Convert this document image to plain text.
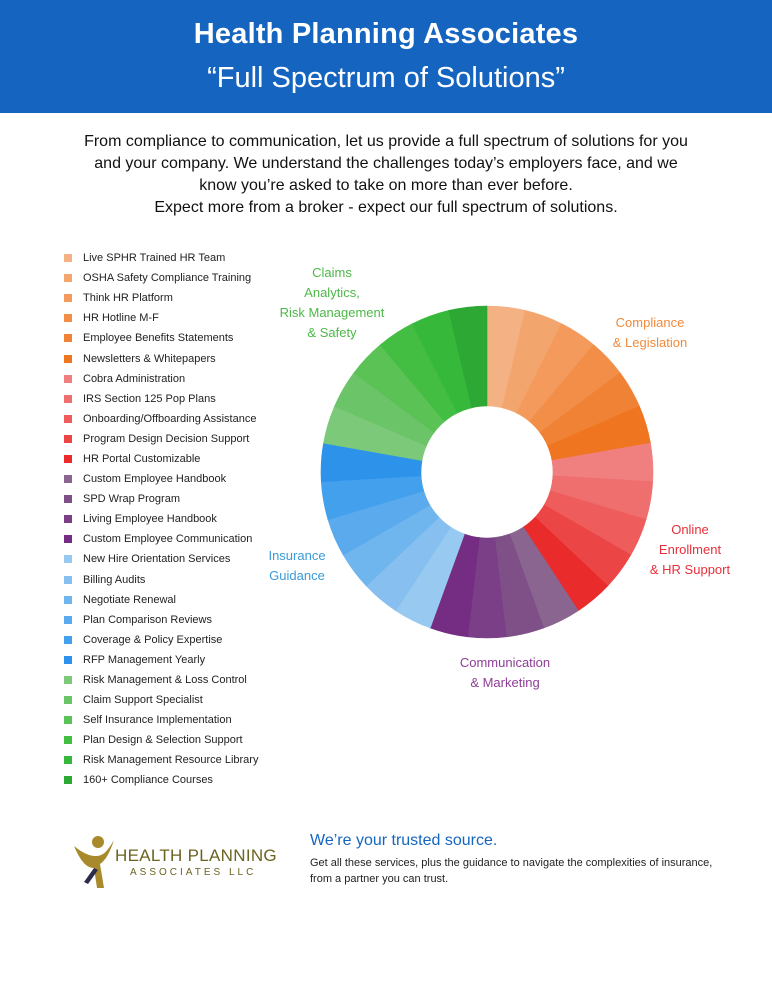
Health Planning Associates
“Full Spectrum of Solutions”
From compliance to communication, let us provide a full spectrum of solutions for you
and your company. We understand the challenges today’s employers face, and we
know you’re asked to take on more than ever before.
Expect more from a broker - expect our full spectrum of solutions.
Live SPHR Trained HR Team
OSHA Safety Compliance Training
Think HR Platform
HR Hotline M-F
Employee Benefits Statements
Newsletters & Whitepapers
Cobra Administration
IRS Section 125 Pop Plans
Onboarding/Offboarding Assistance
Program Design Decision Support
HR Portal Customizable
Custom Employee Handbook
SPD Wrap Program
Living Employee Handbook
Custom Employee Communication
New Hire Orientation Services
Billing Audits
Negotiate Renewal
Plan Comparison Reviews
Coverage & Policy Expertise
RFP Management Yearly
Risk Management & Loss Control
Claim Support Specialist
Self Insurance Implementation
Plan Design & Selection Support
Risk Management Resource Library
160+ Compliance Courses
Compliance
& Legislation
Online
Enrollment
& HR Support
Communication
& Marketing
Insurance
Guidance
Claims
Analytics,
Risk Management
& Safety
HEALTH PLANNING
ASSOCIATES LLC
We’re your trusted source.
Get all these services, plus the guidance to navigate the complexities of insurance,
from a partner you can trust.
